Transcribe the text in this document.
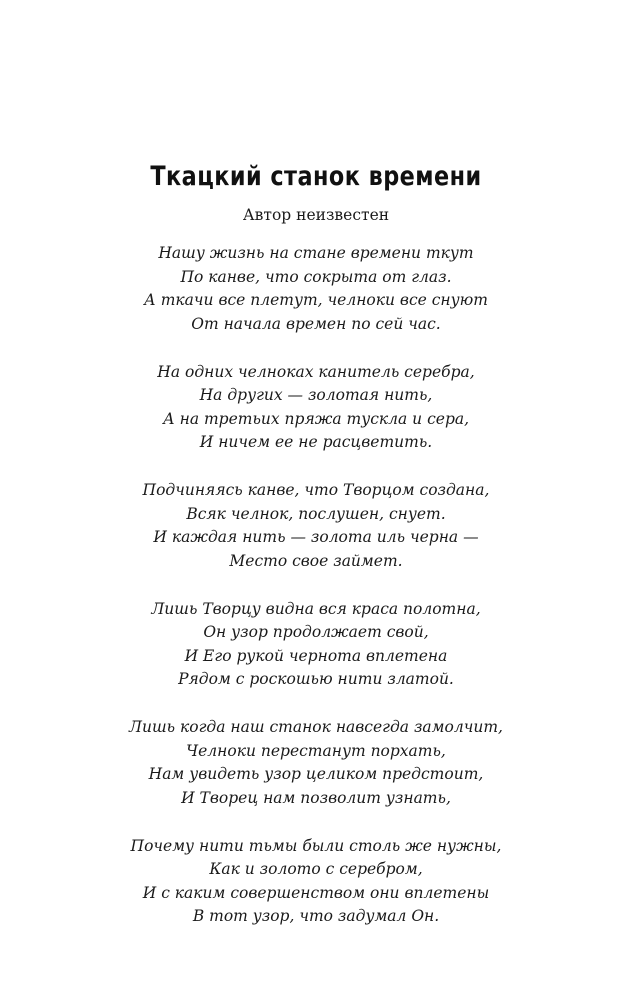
Ткацкий станок времени
Автор неизвестен
Нашу жизнь на стане времени ткут
По канве, что сокрыта от глаз.
А ткачи все плетут, челноки все снуют
От начала времен по сей час.
На одних челноках канитель серебра,
На других — золотая нить,
А на третьих пряжа тускла и сера,
И ничем ее не расцветить.
Подчиняясь канве, что Творцом создана,
Всяк челнок, послушен, снует.
И каждая нить — золота иль черна —
Место свое займет.
Лишь Творцу видна вся краса полотна,
Он узор продолжает свой,
И Его рукой чернота вплетена
Рядом с роскошью нити златой.
Лишь когда наш станок навсегда замолчит,
Челноки перестанут порхать,
Нам увидеть узор целиком предстоит,
И Творец нам позволит узнать,
Почему нити тьмы были столь же нужны,
Как и золото с серебром,
И с каким совершенством они вплетены
В тот узор, что задумал Он.
